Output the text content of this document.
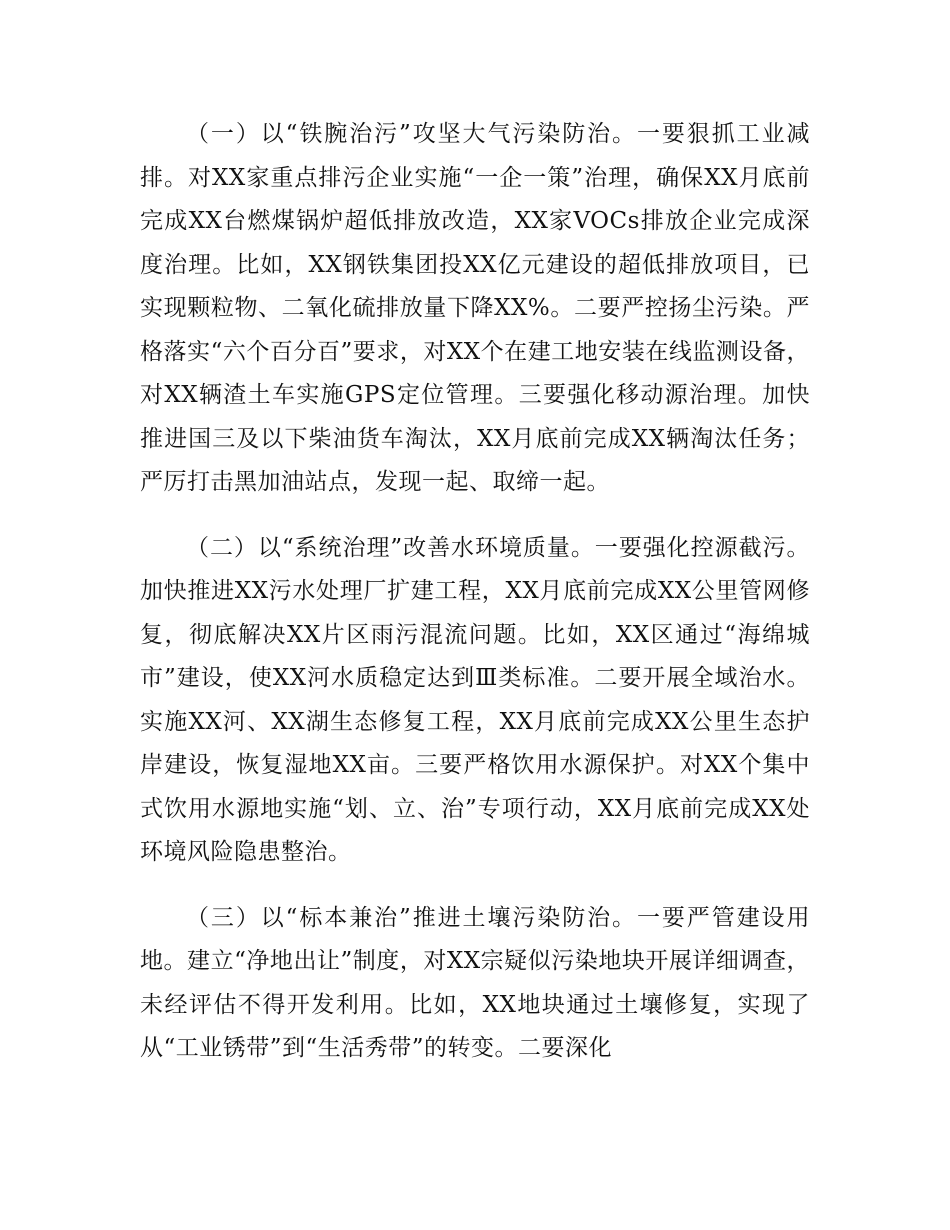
（一）以“铁腕治污”攻坚大气污染防治。一要狠抓工业减排。对XX家重点排污企业实施“一企一策”治理，确保XX月底前完成XX台燃煤锅炉超低排放改造，XX家VOCs排放企业完成深度治理。比如，XX钢铁集团投XX亿元建设的超低排放项目，已实现颗粒物、二氧化硫排放量下降XX%。二要严控扬尘污染。严格落实“六个百分百”要求，对XX个在建工地安装在线监测设备，对XX辆渣土车实施GPS定位管理。三要强化移动源治理。加快推进国三及以下柴油货车淘汰，XX月底前完成XX辆淘汰任务；严厉打击黑加油站点，发现一起、取缔一起。

（二）以“系统治理”改善水环境质量。一要强化控源截污。加快推进XX污水处理厂扩建工程，XX月底前完成XX公里管网修复，彻底解决XX片区雨污混流问题。比如，XX区通过“海绵城市”建设，使XX河水质稳定达到Ⅲ类标准。二要开展全域治水。实施XX河、XX湖生态修复工程，XX月底前完成XX公里生态护岸建设，恢复湿地XX亩。三要严格饮用水源保护。对XX个集中式饮用水源地实施“划、立、治”专项行动，XX月底前完成XX处环境风险隐患整治。

（三）以“标本兼治”推进土壤污染防治。一要严管建设用地。建立“净地出让”制度，对XX宗疑似污染地块开展详细调查，未经评估不得开发利用。比如，XX地块通过土壤修复，实现了从“工业锈带”到“生活秀带”的转变。二要深化
